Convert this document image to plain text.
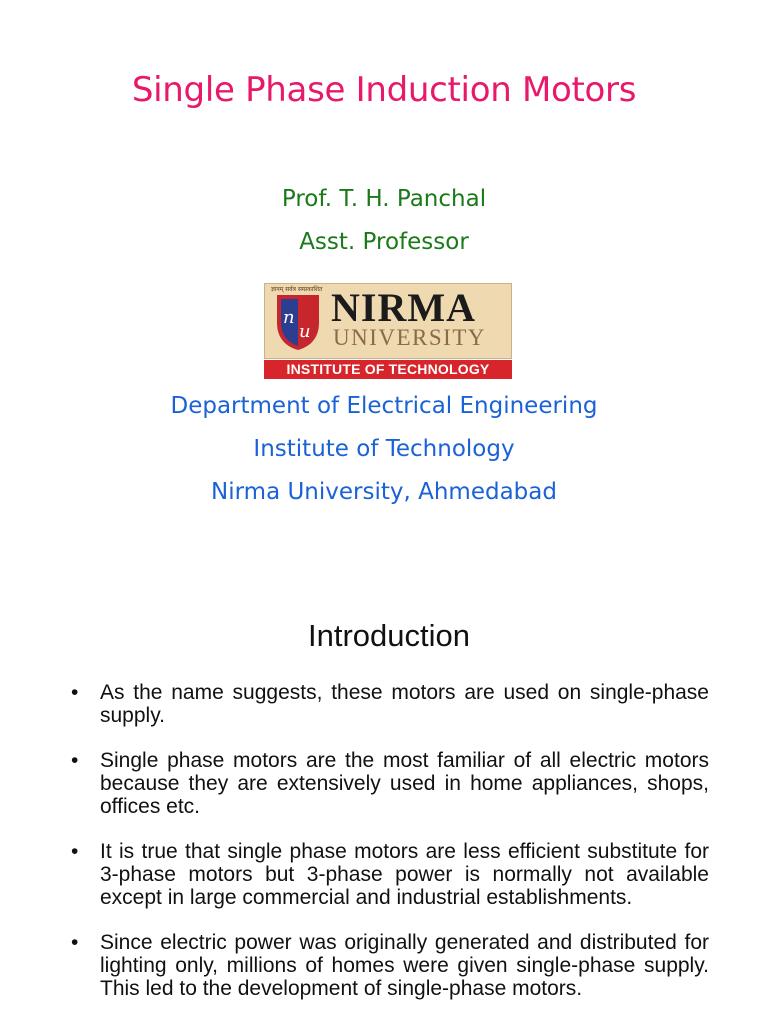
Single Phase Induction Motors
Prof. T. H. Panchal
Asst. Professor
ज्ञानम् सर्वत्र सम्प्रकाशित
n
u
NIRMA
UNIVERSITY
INSTITUTE OF TECHNOLOGY
Department of Electrical Engineering
Institute of Technology
Nirma University, Ahmedabad
Introduction
• As the name suggests, these motors are used on single-phase supply.
• Single phase motors are the most familiar of all electric motors because they are extensively used in home appliances, shops, offices etc.
• It is true that single phase motors are less efficient substitute for 3-phase motors but 3-phase power is normally not available except in large commercial and industrial establishments.
• Since electric power was originally generated and distributed for lighting only, millions of homes were given single-phase supply. This led to the development of single-phase motors.
